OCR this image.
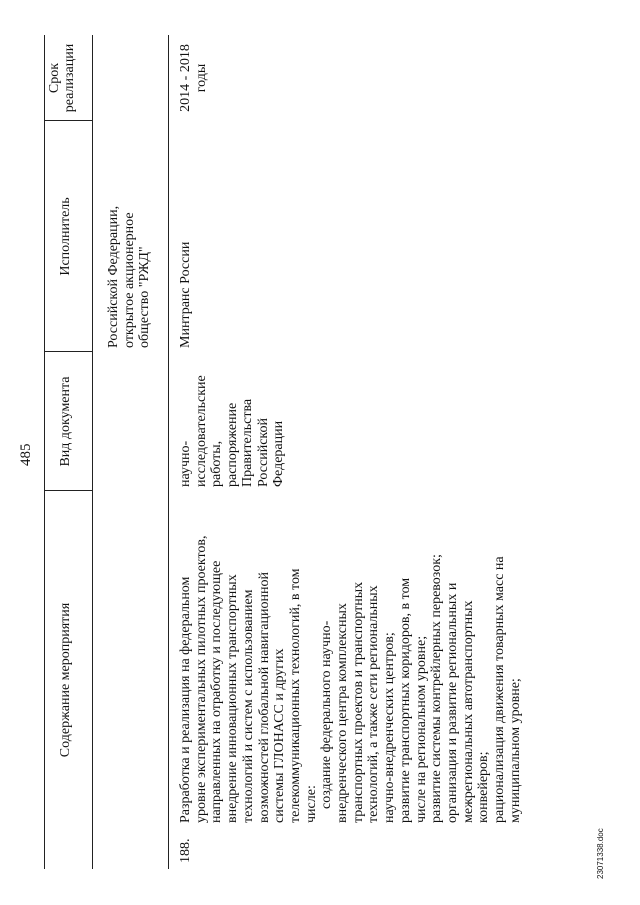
485
Содержание мероприятия
Вид документа
Исполнитель
Срок реализации
Российской Федерации, открытое акционерное общество "РЖД"
188.
Разработка и реализация на федеральном уровне экспериментальных пилотных проектов, направленных на отработку и последующее внедрение инновационных транспортных технологий и систем с использованием возможностей глобальной навигационной системы ГЛОНАСС и других телекоммуникационных технологий, в том числе: создание федерального научно- внедренческого центра комплексных транспортных проектов и транспортных технологий, а также сети региональных научно-внедренческих центров; развитие транспортных коридоров, в том числе на региональном уровне; развитие системы контрейлерных перевозок; организация и развитие региональных и межрегиональных автотранспортных конвейеров; рационализация движения товарных масс на муниципальном уровне;
научно- исследовательские работы, распоряжение Правительства Российской Федерации
Минтранс России
2014 - 2018 годы
23071338.doc
